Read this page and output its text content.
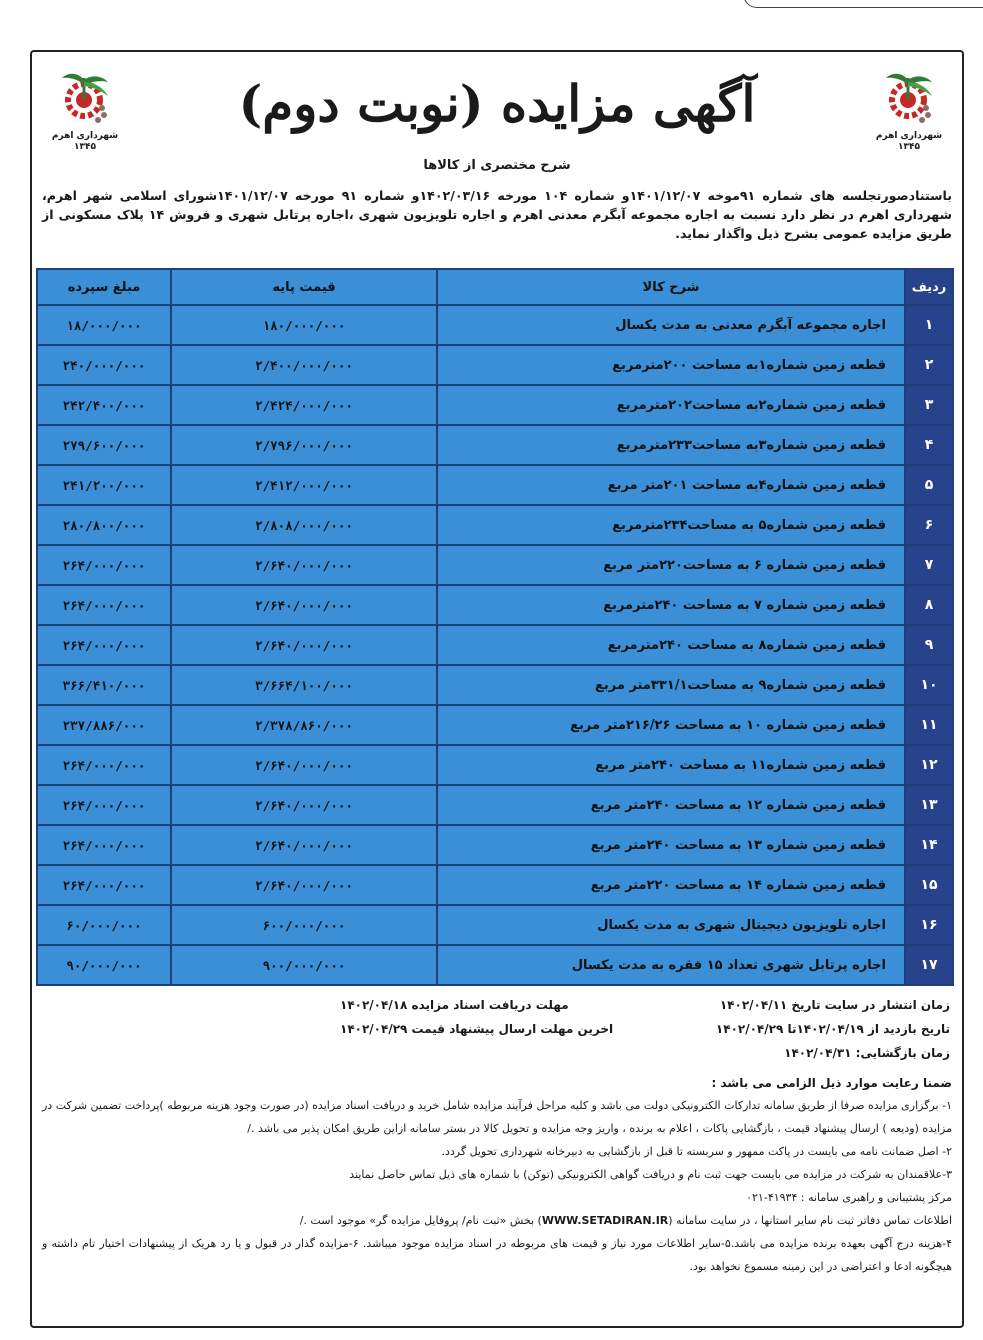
شهرداری اهرم
۱۳۴۵
آگهی مزایده (نوبت دوم)
شهرداری اهرم
۱۳۴۵
شرح مختصری از کالاها

باستنادصورتجلسه های شماره ۹۱موخه ۱۴۰۱/۱۲/۰۷و شماره ۱۰۴ مورخه ۱۴۰۲/۰۳/۱۶و شماره ۹۱ مورخه ۱۴۰۱/۱۲/۰۷شورای اسلامی شهر اهرم، شهرداری اهرم در نظر دارد نسبت به اجاره مجموعه آبگرم معدنی اهرم و اجاره تلویزیون شهری ،اجاره پرتابل شهری و فروش ۱۴ پلاک مسکونی از طریق مزایده عمومی بشرح ذیل واگذار نماید.

ردیف	شرح کالا	قیمت پایه	مبلغ سپرده
۱	اجاره مجموعه آبگرم معدنی به مدت یکسال	۱۸۰/۰۰۰/۰۰۰	۱۸/۰۰۰/۰۰۰
۲	قطعه زمین شماره۱به مساحت ۲۰۰مترمربع	۲/۴۰۰/۰۰۰/۰۰۰	۲۴۰/۰۰۰/۰۰۰
۳	قطعه زمین شماره۲به مساحت۲۰۲مترمربع	۲/۴۲۴/۰۰۰/۰۰۰	۲۴۲/۴۰۰/۰۰۰
۴	قطعه زمین شماره۳به مساحت۲۳۳مترمربع	۲/۷۹۶/۰۰۰/۰۰۰	۲۷۹/۶۰۰/۰۰۰
۵	قطعه زمین شماره۴به مساحت ۲۰۱متر مربع	۲/۴۱۲/۰۰۰/۰۰۰	۲۴۱/۲۰۰/۰۰۰
۶	قطعه زمین شماره۵ به مساحت۲۳۴مترمربع	۲/۸۰۸/۰۰۰/۰۰۰	۲۸۰/۸۰۰/۰۰۰
۷	قطعه زمین شماره ۶ به مساحت۲۲۰متر مربع	۲/۶۴۰/۰۰۰/۰۰۰	۲۶۴/۰۰۰/۰۰۰
۸	قطعه زمین شماره ۷ به مساحت ۲۴۰مترمربع	۲/۶۴۰/۰۰۰/۰۰۰	۲۶۴/۰۰۰/۰۰۰
۹	قطعه زمین شماره۸ به مساحت ۲۴۰مترمربع	۲/۶۴۰/۰۰۰/۰۰۰	۲۶۴/۰۰۰/۰۰۰
۱۰	قطعه زمین شماره۹ به مساحت۳۳۱/۱متر مربع	۳/۶۶۴/۱۰۰/۰۰۰	۳۶۶/۴۱۰/۰۰۰
۱۱	قطعه زمین شماره ۱۰ به مساحت ۲۱۶/۲۶متر مربع	۲/۳۷۸/۸۶۰/۰۰۰	۲۳۷/۸۸۶/۰۰۰
۱۲	قطعه زمین شماره۱۱ به مساحت ۲۴۰متر مربع	۲/۶۴۰/۰۰۰/۰۰۰	۲۶۴/۰۰۰/۰۰۰
۱۳	قطعه زمین شماره ۱۲ به مساحت ۲۴۰متر مربع	۲/۶۴۰/۰۰۰/۰۰۰	۲۶۴/۰۰۰/۰۰۰
۱۴	قطعه زمین شماره ۱۳ به مساحت ۲۴۰متر مربع	۲/۶۴۰/۰۰۰/۰۰۰	۲۶۴/۰۰۰/۰۰۰
۱۵	قطعه زمین شماره ۱۴ به مساحت ۲۲۰متر مربع	۲/۶۴۰/۰۰۰/۰۰۰	۲۶۴/۰۰۰/۰۰۰
۱۶	اجاره تلویزیون دیجیتال شهری به مدت یکسال	۶۰۰/۰۰۰/۰۰۰	۶۰/۰۰۰/۰۰۰
۱۷	اجاره پرتابل شهری تعداد ۱۵ فقره به مدت یکسال	۹۰۰/۰۰۰/۰۰۰	۹۰/۰۰۰/۰۰۰
زمان انتشار در سایت تاریخ ۱۴۰۲/۰۴/۱۱
تاریخ بازدید از ۱۴۰۲/۰۴/۱۹تا ۱۴۰۲/۰۴/۲۹
زمان بازگشایی: ۱۴۰۲/۰۴/۳۱
مهلت دریافت اسناد مزایده ۱۴۰۲/۰۴/۱۸
اخرین مهلت ارسال پیشنهاد قیمت ۱۴۰۲/۰۴/۲۹
ضمنا رعایت موارد ذیل الزامی می باشد :

۱- برگزاری مزایده صرفا از طریق سامانه تدارکات الکترونیکی دولت می باشد و کلیه مراحل فرآیند مزایده شامل خرید و دریافت اسناد مزایده (در صورت وجود هزینه مربوطه )پرداخت تضمین شرکت در مزایده (ودیعه ) ارسال پیشنهاد قیمت ، بازگشایی پاکات ، اعلام به برنده ، واریز وجه مزایده و تحویل کالا در بستر سامانه ازاین طریق امکان پذیر می باشد ./

۲- اصل ضمانت نامه می بایست در پاکت ممهور و سربسته تا قبل از بازگشایی به دبیرخانه شهرداری تحویل گردد.

۳-علاقمندان به شرکت در مزایده می بایست جهت ثبت نام و دریافت گواهی الکترونیکی (توکن) با شماره های ذیل تماس حاصل نمایند

مرکز پشتیبانی و راهبری سامانه : ۴۱۹۳۴-۰۲۱

اطلاعات تماس دفاتر ثبت نام سایر استانها ، در سایت سامانه (WWW.SETADIRAN.IR) بخش «ثبت نام/ پروفایل مزایده گر» موجود است ./

۴-هزینه درج آگهی بعهده برنده مزایده می باشد.۵-سایر اطلاعات مورد نیاز و قیمت های مربوطه در اسناد مزایده موجود میباشد. ۶-مزایده گذار در قبول و یا رد هریک از پیشنهادات اختیار تام داشته و هیچگونه ادعا و اعتراضی در این زمینه مسموع نخواهد بود.
